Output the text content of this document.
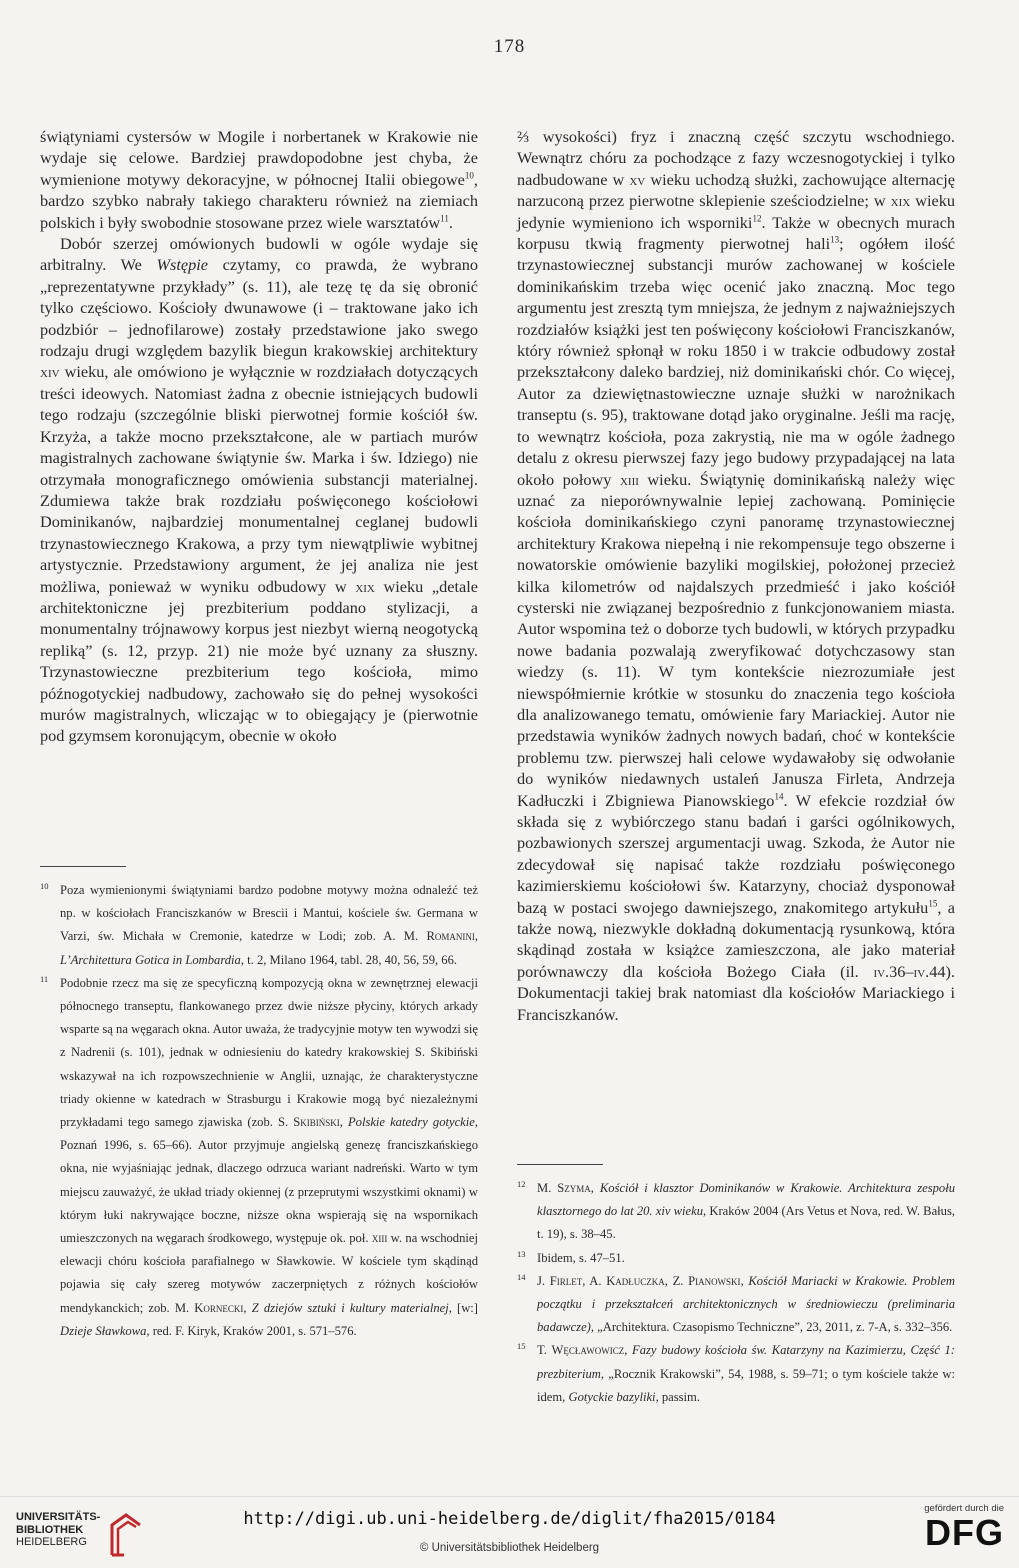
178

świątyniami cystersów w Mogile i norbertanek w Krakowie nie wydaje się celowe. Bardziej prawdopodobne jest chyba, że wymienione motywy dekoracyjne, w północnej Italii obiegowe$^{10}$, bardzo szybko nabrały takiego charakteru również na ziemiach polskich i były swobodnie stosowane przez wiele warsztatów$^{11}$.

Dobór szerzej omówionych budowli w ogóle wydaje się arbitralny. We Wstępie czytamy, co prawda, że wybrano „reprezentatywne przykłady” (s. 11), ale tezę tę da się obronić tylko częściowo. Kościoły dwunawowe (i – traktowane jako ich podzbiór – jednofilarowe) zostały przedstawione jako swego rodzaju drugi względem bazylik biegun krakowskiej architektury xiv wieku, ale omówiono je wyłącznie w rozdziałach dotyczących treści ideowych. Natomiast żadna z obecnie istniejących budowli tego rodzaju (szczególnie bliski pierwotnej formie kościół św. Krzyża, a także mocno przekształcone, ale w partiach murów magistralnych zachowane świątynie św. Marka i św. Idziego) nie otrzymała monograficznego omówienia substancji materialnej. Zdumiewa także brak rozdziału poświęconego kościołowi Dominikanów, najbardziej monumentalnej ceglanej budowli trzynastowiecznego Krakowa, a przy tym niewątpliwie wybitnej artystycznie. Przedstawiony argument, że jej analiza nie jest możliwa, ponieważ w wyniku odbudowy w xix wieku „detale architektoniczne jej prezbiterium poddano stylizacji, a monumentalny trójnawowy korpus jest niezbyt wierną neogotycką repliką” (s. 12, przyp. 21) nie może być uznany za słuszny. Trzynastowieczne prezbiterium tego kościoła, mimo późnogotyckiej nadbudowy, zachowało się do pełnej wysokości murów magistralnych, wliczając w to obiegający je (pierwotnie pod gzymsem koronującym, obecnie w około

⅔ wysokości) fryz i znaczną część szczytu wschodniego. Wewnątrz chóru za pochodzące z fazy wczesnogotyckiej i tylko nadbudowane w xv wieku uchodzą służki, zachowujące alternację narzuconą przez pierwotne sklepienie sześciodzielne; w xix wieku jedynie wymieniono ich wsporniki$^{12}$. Także w obecnych murach korpusu tkwią fragmenty pierwotnej hali$^{13}$; ogółem ilość trzynastowiecznej substancji murów zachowanej w kościele dominikańskim trzeba więc ocenić jako znaczną. Moc tego argumentu jest zresztą tym mniejsza, że jednym z najważniejszych rozdziałów książki jest ten poświęcony kościołowi Franciszkanów, który również spłonął w roku 1850 i w trakcie odbudowy został przekształcony daleko bardziej, niż dominikański chór. Co więcej, Autor za dziewiętnastowieczne uznaje służki w narożnikach transeptu (s. 95), traktowane dotąd jako oryginalne. Jeśli ma rację, to wewnątrz kościoła, poza zakrystią, nie ma w ogóle żadnego detalu z okresu pierwszej fazy jego budowy przypadającej na lata około połowy xiii wieku. Świątynię dominikańską należy więc uznać za nieporównywalnie lepiej zachowaną. Pominięcie kościoła dominikańskiego czyni panoramę trzynastowiecznej architektury Krakowa niepełną i nie rekompensuje tego obszerne i nowatorskie omówienie bazyliki mogilskiej, położonej przecież kilka kilometrów od najdalszych przedmieść i jako kościół cysterski nie związanej bezpośrednio z funkcjonowaniem miasta. Autor wspomina też o doborze tych budowli, w których przypadku nowe badania pozwalają zweryfikować dotychczasowy stan wiedzy (s. 11). W tym kontekście niezrozumiałe jest niewspółmiernie krótkie w stosunku do znaczenia tego kościoła dla analizowanego tematu, omówienie fary Mariackiej. Autor nie przedstawia wyników żadnych nowych badań, choć w kontekście problemu tzw. pierwszej hali celowe wydawałoby się odwołanie do wyników niedawnych ustaleń Janusza Firleta, Andrzeja Kadłuczki i Zbigniewa Pianowskiego$^{14}$. W efekcie rozdział ów składa się z wybiórczego stanu badań i garści ogólnikowych, pozbawionych szerszej argumentacji uwag. Szkoda, że Autor nie zdecydował się napisać także rozdziału poświęconego kazimierskiemu kościołowi św. Katarzyny, chociaż dysponował bazą w postaci swojego dawniejszego, znakomitego artykułu$^{15}$, a także nową, niezwykle dokładną dokumentacją rysunkową, która skądinąd została w książce zamieszczona, ale jako materiał porównawczy dla kościoła Bożego Ciała (il. iv.36–iv.44). Dokumentacji takiej brak natomiast dla kościołów Mariackiego i Franciszkanów.

10 Poza wymienionymi świątyniami bardzo podobne motywy można odnaleźć też np. w kościołach Franciszkanów w Brescii i Mantui, kościele św. Germana w Varzi, św. Michała w Cremonie, katedrze w Lodi; zob. A. M. Romanini, L’Architettura Gotica in Lombardia, t. 2, Milano 1964, tabl. 28, 40, 56, 59, 66.

11 Podobnie rzecz ma się ze specyficzną kompozycją okna w zewnętrznej elewacji północnego transeptu, flankowanego przez dwie niższe płyciny, których arkady wsparte są na węgarach okna. Autor uważa, że tradycyjnie motyw ten wywodzi się z Nadrenii (s. 101), jednak w odniesieniu do katedry krakowskiej S. Skibiński wskazywał na ich rozpowszechnienie w Anglii, uznając, że charakterystyczne triady okienne w katedrach w Strasburgu i Krakowie mogą być niezależnymi przykładami tego samego zjawiska (zob. S. Skibiński, Polskie katedry gotyckie, Poznań 1996, s. 65–66). Autor przyjmuje angielską genezę franciszkańskiego okna, nie wyjaśniając jednak, dlaczego odrzuca wariant nadreński. Warto w tym miejscu zauważyć, że układ triady okiennej (z przeprutymi wszystkimi oknami) w którym łuki nakrywające boczne, niższe okna wspierają się na wspornikach umieszczonych na węgarach środkowego, występuje ok. poł. xiii w. na wschodniej elewacji chóru kościoła parafialnego w Sławkowie. W kościele tym skądinąd pojawia się cały szereg motywów zaczerpniętych z różnych kościołów mendykanckich; zob. M. Kornecki, Z dziejów sztuki i kultury materialnej, [w:] Dzieje Sławkowa, red. F. Kiryk, Kraków 2001, s. 571–576.

12 M. Szyma, Kościół i klasztor Dominikanów w Krakowie. Architektura zespołu klasztornego do lat 20. xiv wieku, Kraków 2004 (Ars Vetus et Nova, red. W. Bałus, t. 19), s. 38–45.

13 Ibidem, s. 47–51.

14 J. Firlet, A. Kadłuczka, Z. Pianowski, Kościół Mariacki w Krakowie. Problem początku i przekształceń architektonicznych w średniowieczu (preliminaria badawcze), „Architektura. Czasopismo Techniczne”, 23, 2011, z. 7-A, s. 332–356.

15 T. Węcławowicz, Fazy budowy kościoła św. Katarzyny na Kazimierzu, Część 1: prezbiterium, „Rocznik Krakowski”, 54, 1988, s. 59–71; o tym kościele także w: idem, Gotyckie bazyliki, passim.

UNIVERSITÄTS-
BIBLIOTHEK
HEIDELBERG
http://digi.ub.uni-heidelberg.de/diglit/fha2015/0184
© Universitätsbibliothek Heidelberg
gefördert durch die
DFG
